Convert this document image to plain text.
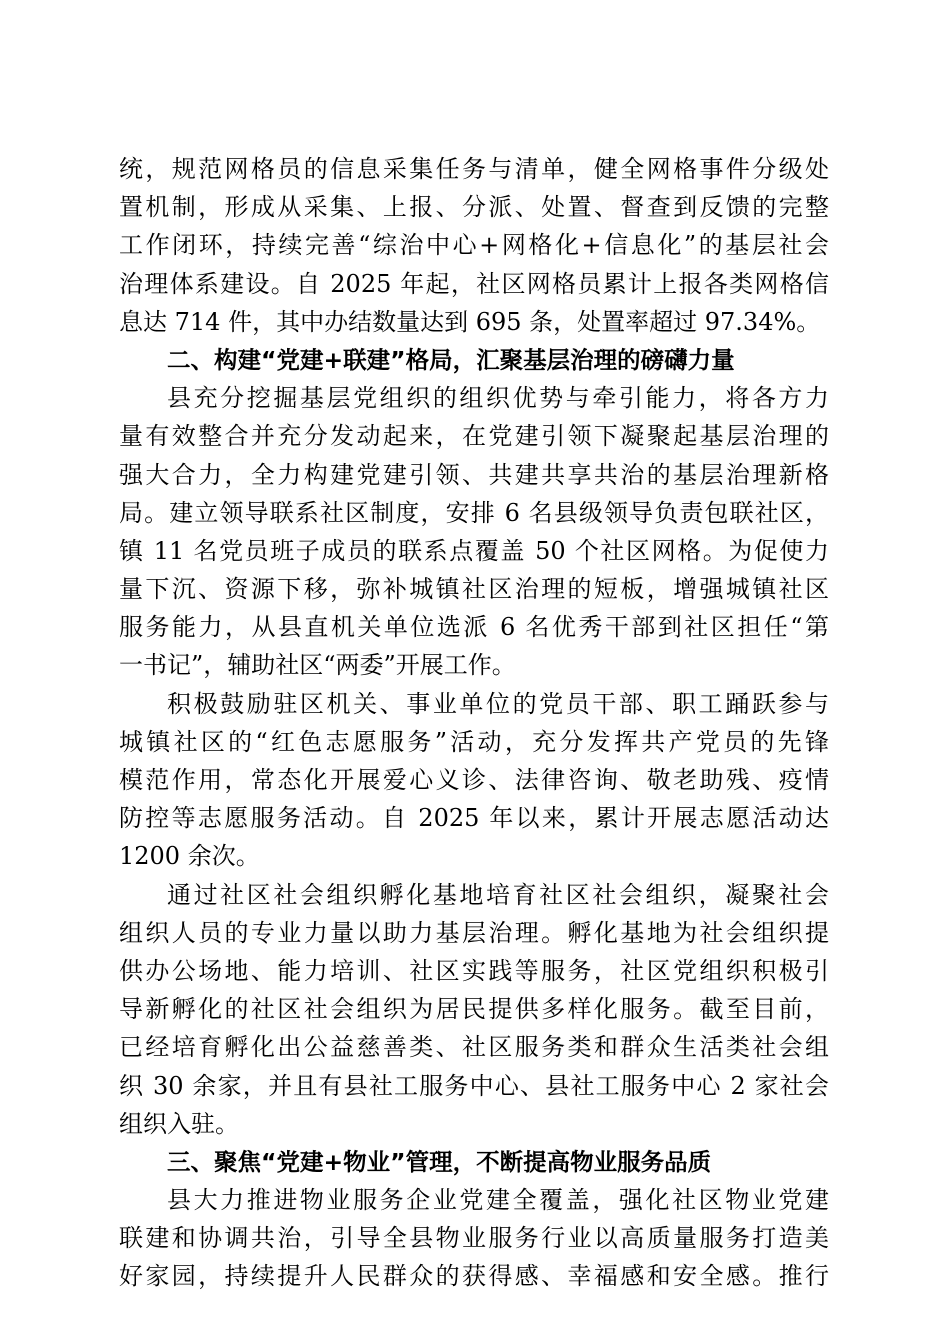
统，规范网格员的信息采集任务与清单，健全网格事件分级处
置机制，形成从采集、上报、分派、处置、督查到反馈的完整
工作闭环，持续完善“综治中心+网格化+信息化”的基层社会
治理体系建设。自 2025 年起，社区网格员累计上报各类网格信
息达 714 件，其中办结数量达到 695 条，处置率超过 97.34%。
二、构建“党建+联建”格局，汇聚基层治理的磅礴力量
县充分挖掘基层党组织的组织优势与牵引能力，将各方力
量有效整合并充分发动起来，在党建引领下凝聚起基层治理的
强大合力，全力构建党建引领、共建共享共治的基层治理新格
局。建立领导联系社区制度，安排 6 名县级领导负责包联社区，
镇 11 名党员班子成员的联系点覆盖 50 个社区网格。为促使力
量下沉、资源下移，弥补城镇社区治理的短板，增强城镇社区
服务能力，从县直机关单位选派 6 名优秀干部到社区担任“第
一书记”，辅助社区“两委”开展工作。
积极鼓励驻区机关、事业单位的党员干部、职工踊跃参与
城镇社区的“红色志愿服务”活动，充分发挥共产党员的先锋
模范作用，常态化开展爱心义诊、法律咨询、敬老助残、疫情
防控等志愿服务活动。自 2025 年以来，累计开展志愿活动达
1200 余次。
通过社区社会组织孵化基地培育社区社会组织，凝聚社会
组织人员的专业力量以助力基层治理。孵化基地为社会组织提
供办公场地、能力培训、社区实践等服务，社区党组织积极引
导新孵化的社区社会组织为居民提供多样化服务。截至目前，
已经培育孵化出公益慈善类、社区服务类和群众生活类社会组
织 30 余家，并且有县社工服务中心、县社工服务中心 2 家社会
组织入驻。
三、聚焦“党建+物业”管理，不断提高物业服务品质
县大力推进物业服务企业党建全覆盖，强化社区物业党建
联建和协调共治，引导全县物业服务行业以高质量服务打造美
好家园，持续提升人民群众的获得感、幸福感和安全感。推行
